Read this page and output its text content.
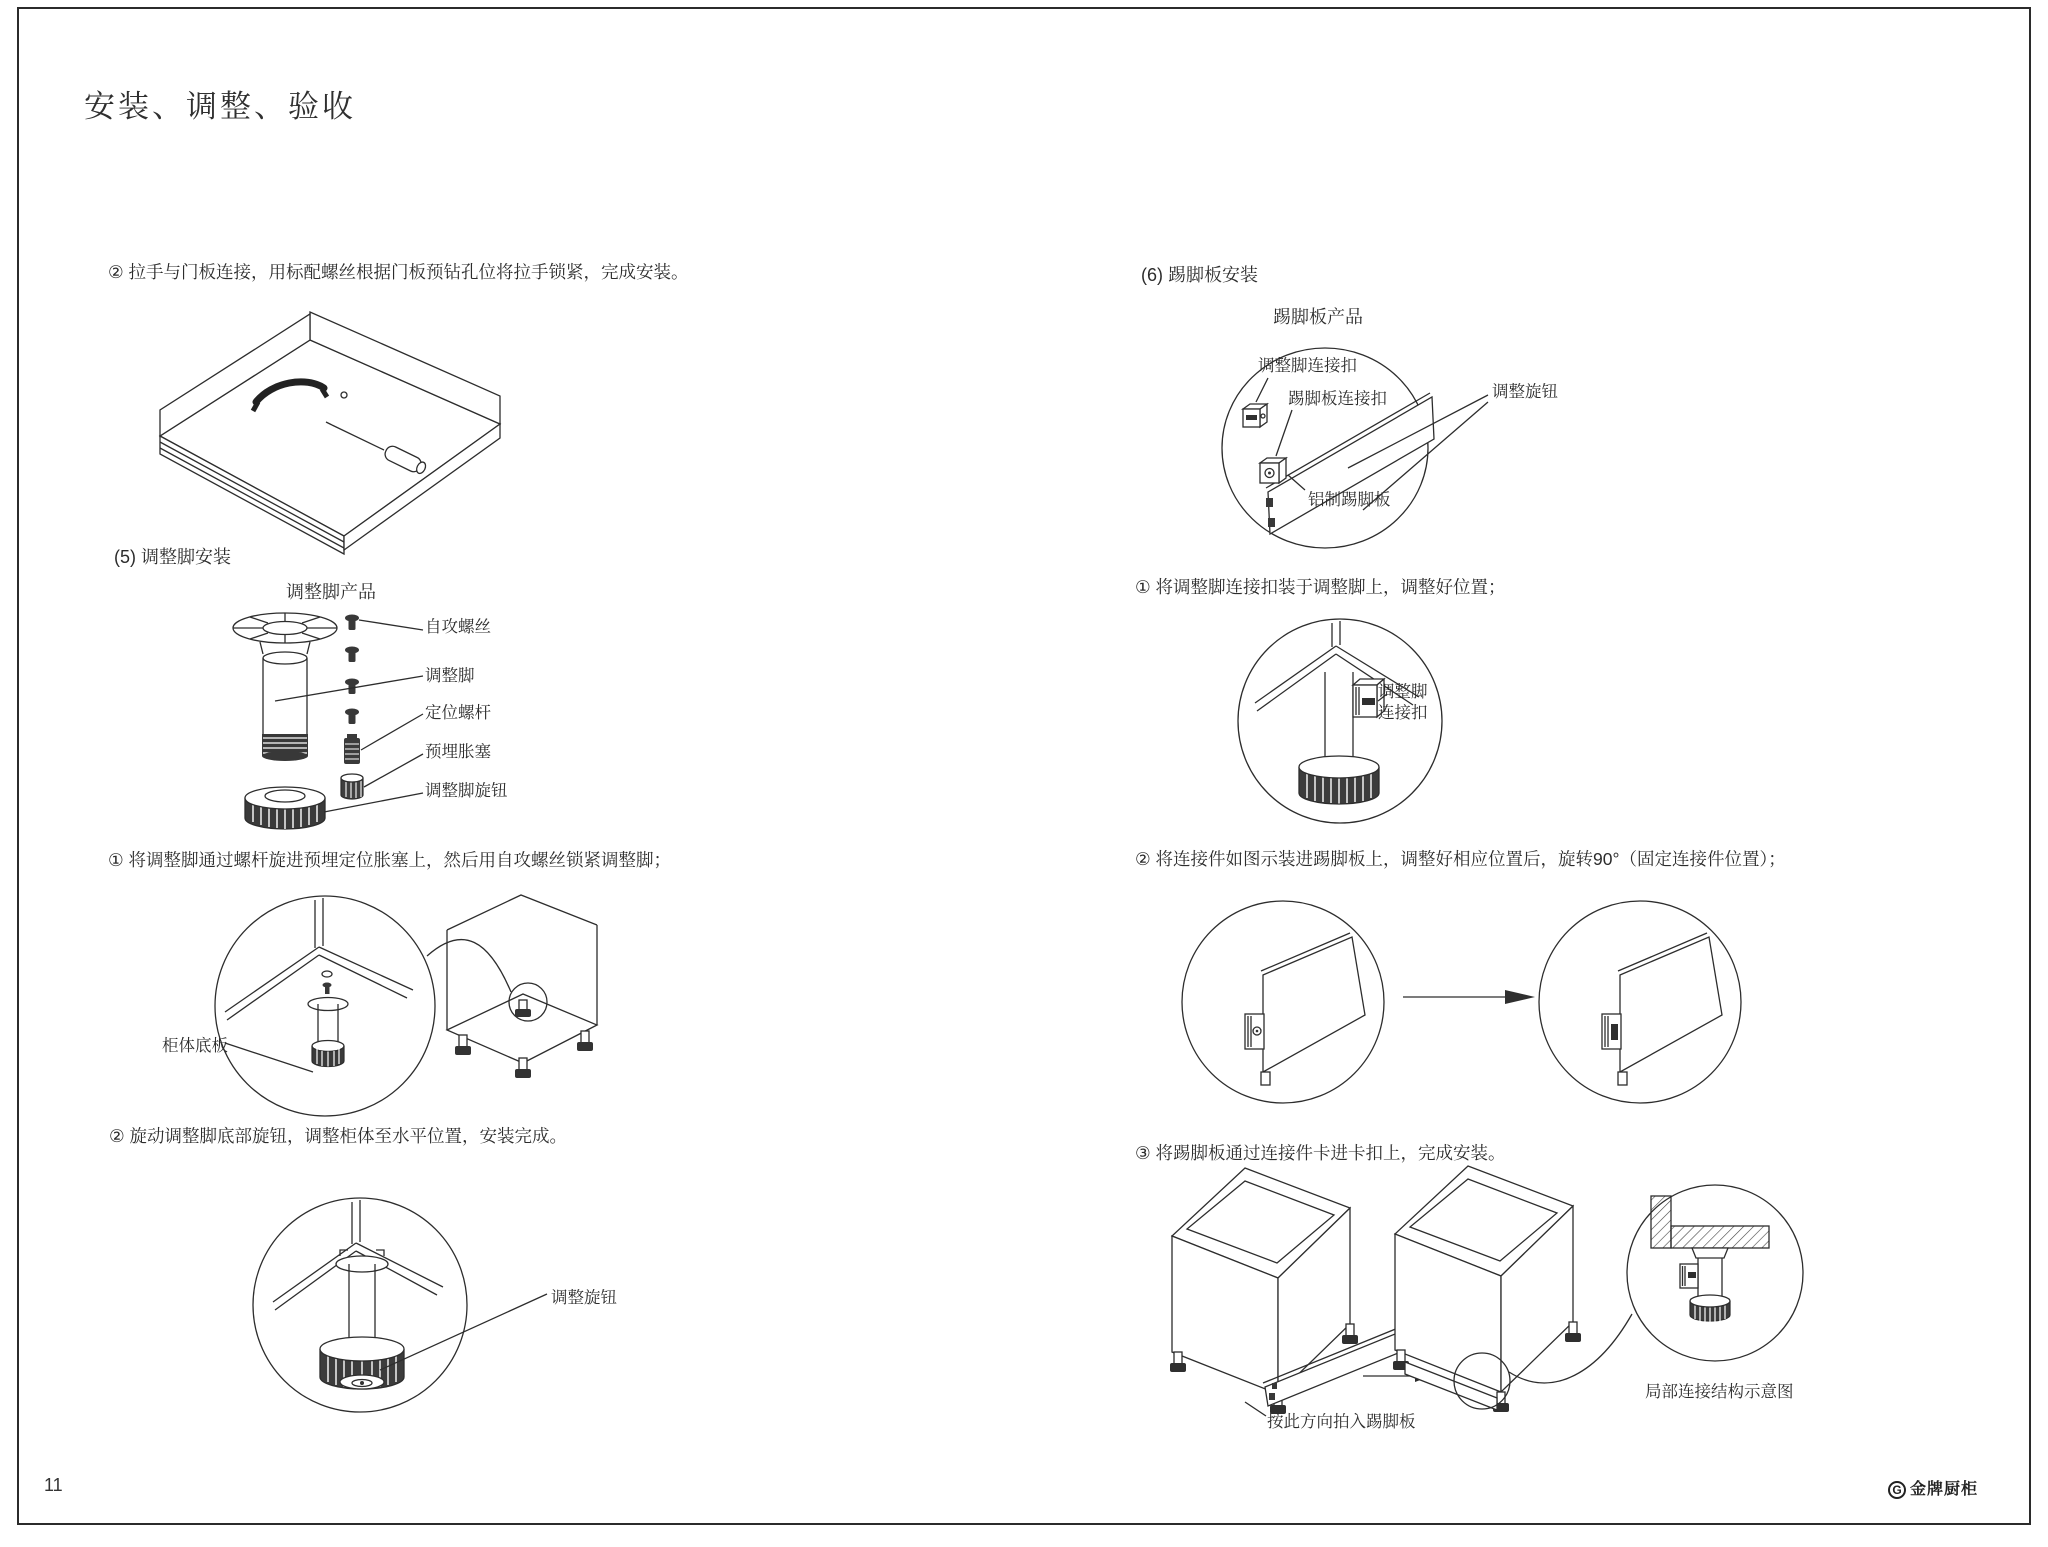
安装、调整、验收
② 拉手与门板连接，用标配螺丝根据门板预钻孔位将拉手锁紧，完成安装。
(5) 调整脚安装
调整脚产品
自攻螺丝
调整脚
定位螺杆
预埋胀塞
调整脚旋钮
① 将调整脚通过螺杆旋进预埋定位胀塞上，然后用自攻螺丝锁紧调整脚；
柜体底板
② 旋动调整脚底部旋钮，调整柜体至水平位置，安装完成。
调整旋钮
(6) 踢脚板安装
踢脚板产品
调整脚连接扣
踢脚板连接扣
铝制踢脚板
调整旋钮
① 将调整脚连接扣装于调整脚上，调整好位置；
调整脚
连接扣
② 将连接件如图示装进踢脚板上，调整好相应位置后，旋转90°（固定连接件位置）；
③ 将踢脚板通过连接件卡进卡扣上，完成安装。
按此方向拍入踢脚板
局部连接结构示意图
11	G 金牌厨柜
